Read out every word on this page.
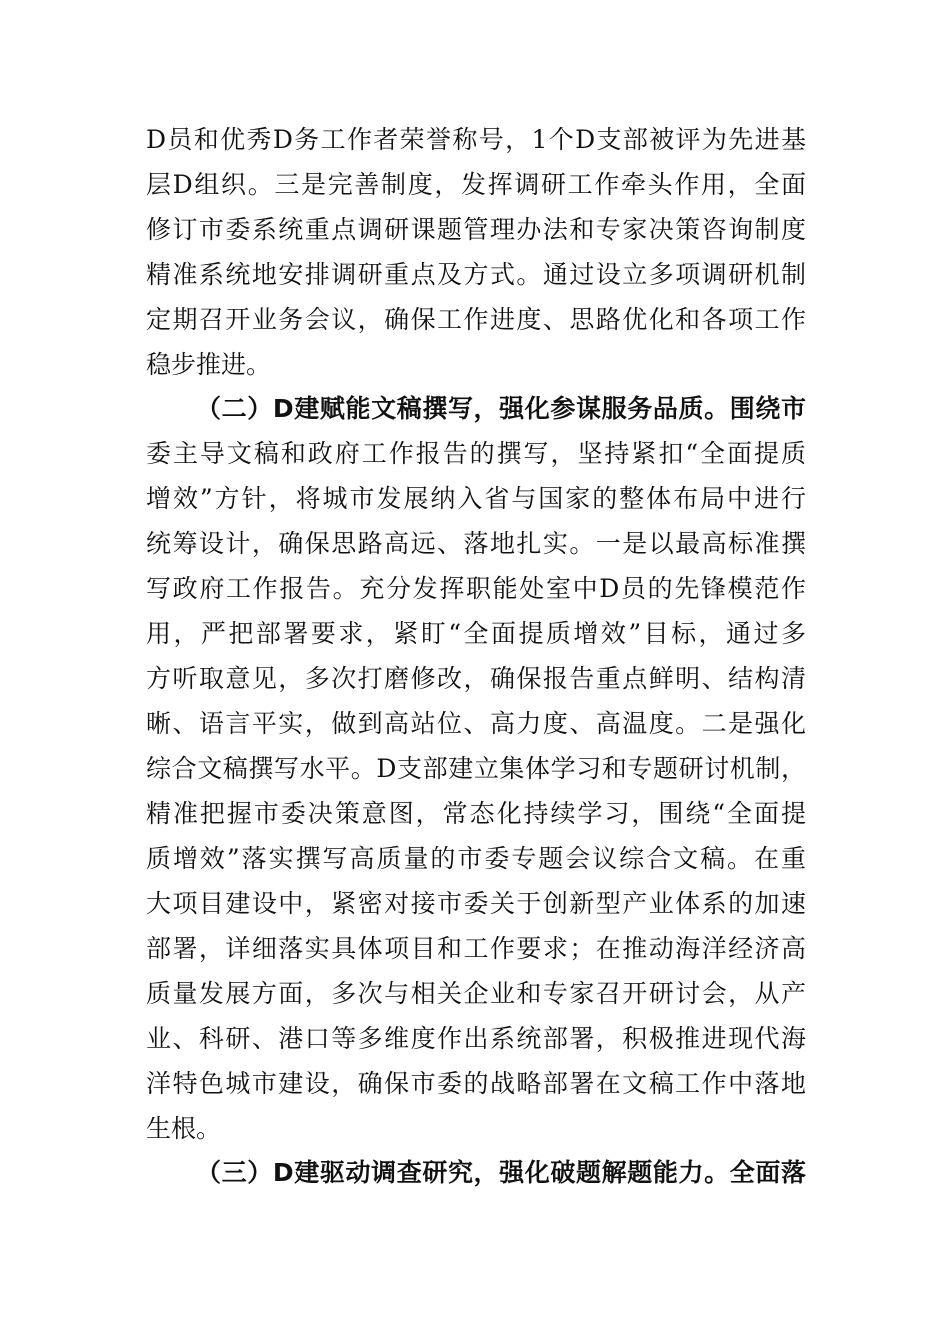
D员和优秀D务工作者荣誉称号，1个D支部被评为先进基
层D组织。三是完善制度，发挥调研工作牵头作用，全面
修订市委系统重点调研课题管理办法和专家决策咨询制度
精准系统地安排调研重点及方式。通过设立多项调研机制
定期召开业务会议，确保工作进度、思路优化和各项工作
稳步推进。
（二）D建赋能文稿撰写，强化参谋服务品质。围绕市
委主导文稿和政府工作报告的撰写，坚持紧扣“全面提质
增效”方针，将城市发展纳入省与国家的整体布局中进行
统筹设计，确保思路高远、落地扎实。一是以最高标准撰
写政府工作报告。充分发挥职能处室中D员的先锋模范作
用，严把部署要求，紧盯“全面提质增效”目标，通过多
方听取意见，多次打磨修改，确保报告重点鲜明、结构清
晰、语言平实，做到高站位、高力度、高温度。二是强化
综合文稿撰写水平。D支部建立集体学习和专题研讨机制，
精准把握市委决策意图，常态化持续学习，围绕“全面提
质增效”落实撰写高质量的市委专题会议综合文稿。在重
大项目建设中，紧密对接市委关于创新型产业体系的加速
部署，详细落实具体项目和工作要求；在推动海洋经济高
质量发展方面，多次与相关企业和专家召开研讨会，从产
业、科研、港口等多维度作出系统部署，积极推进现代海
洋特色城市建设，确保市委的战略部署在文稿工作中落地
生根。
（三）D建驱动调查研究，强化破题解题能力。全面落
